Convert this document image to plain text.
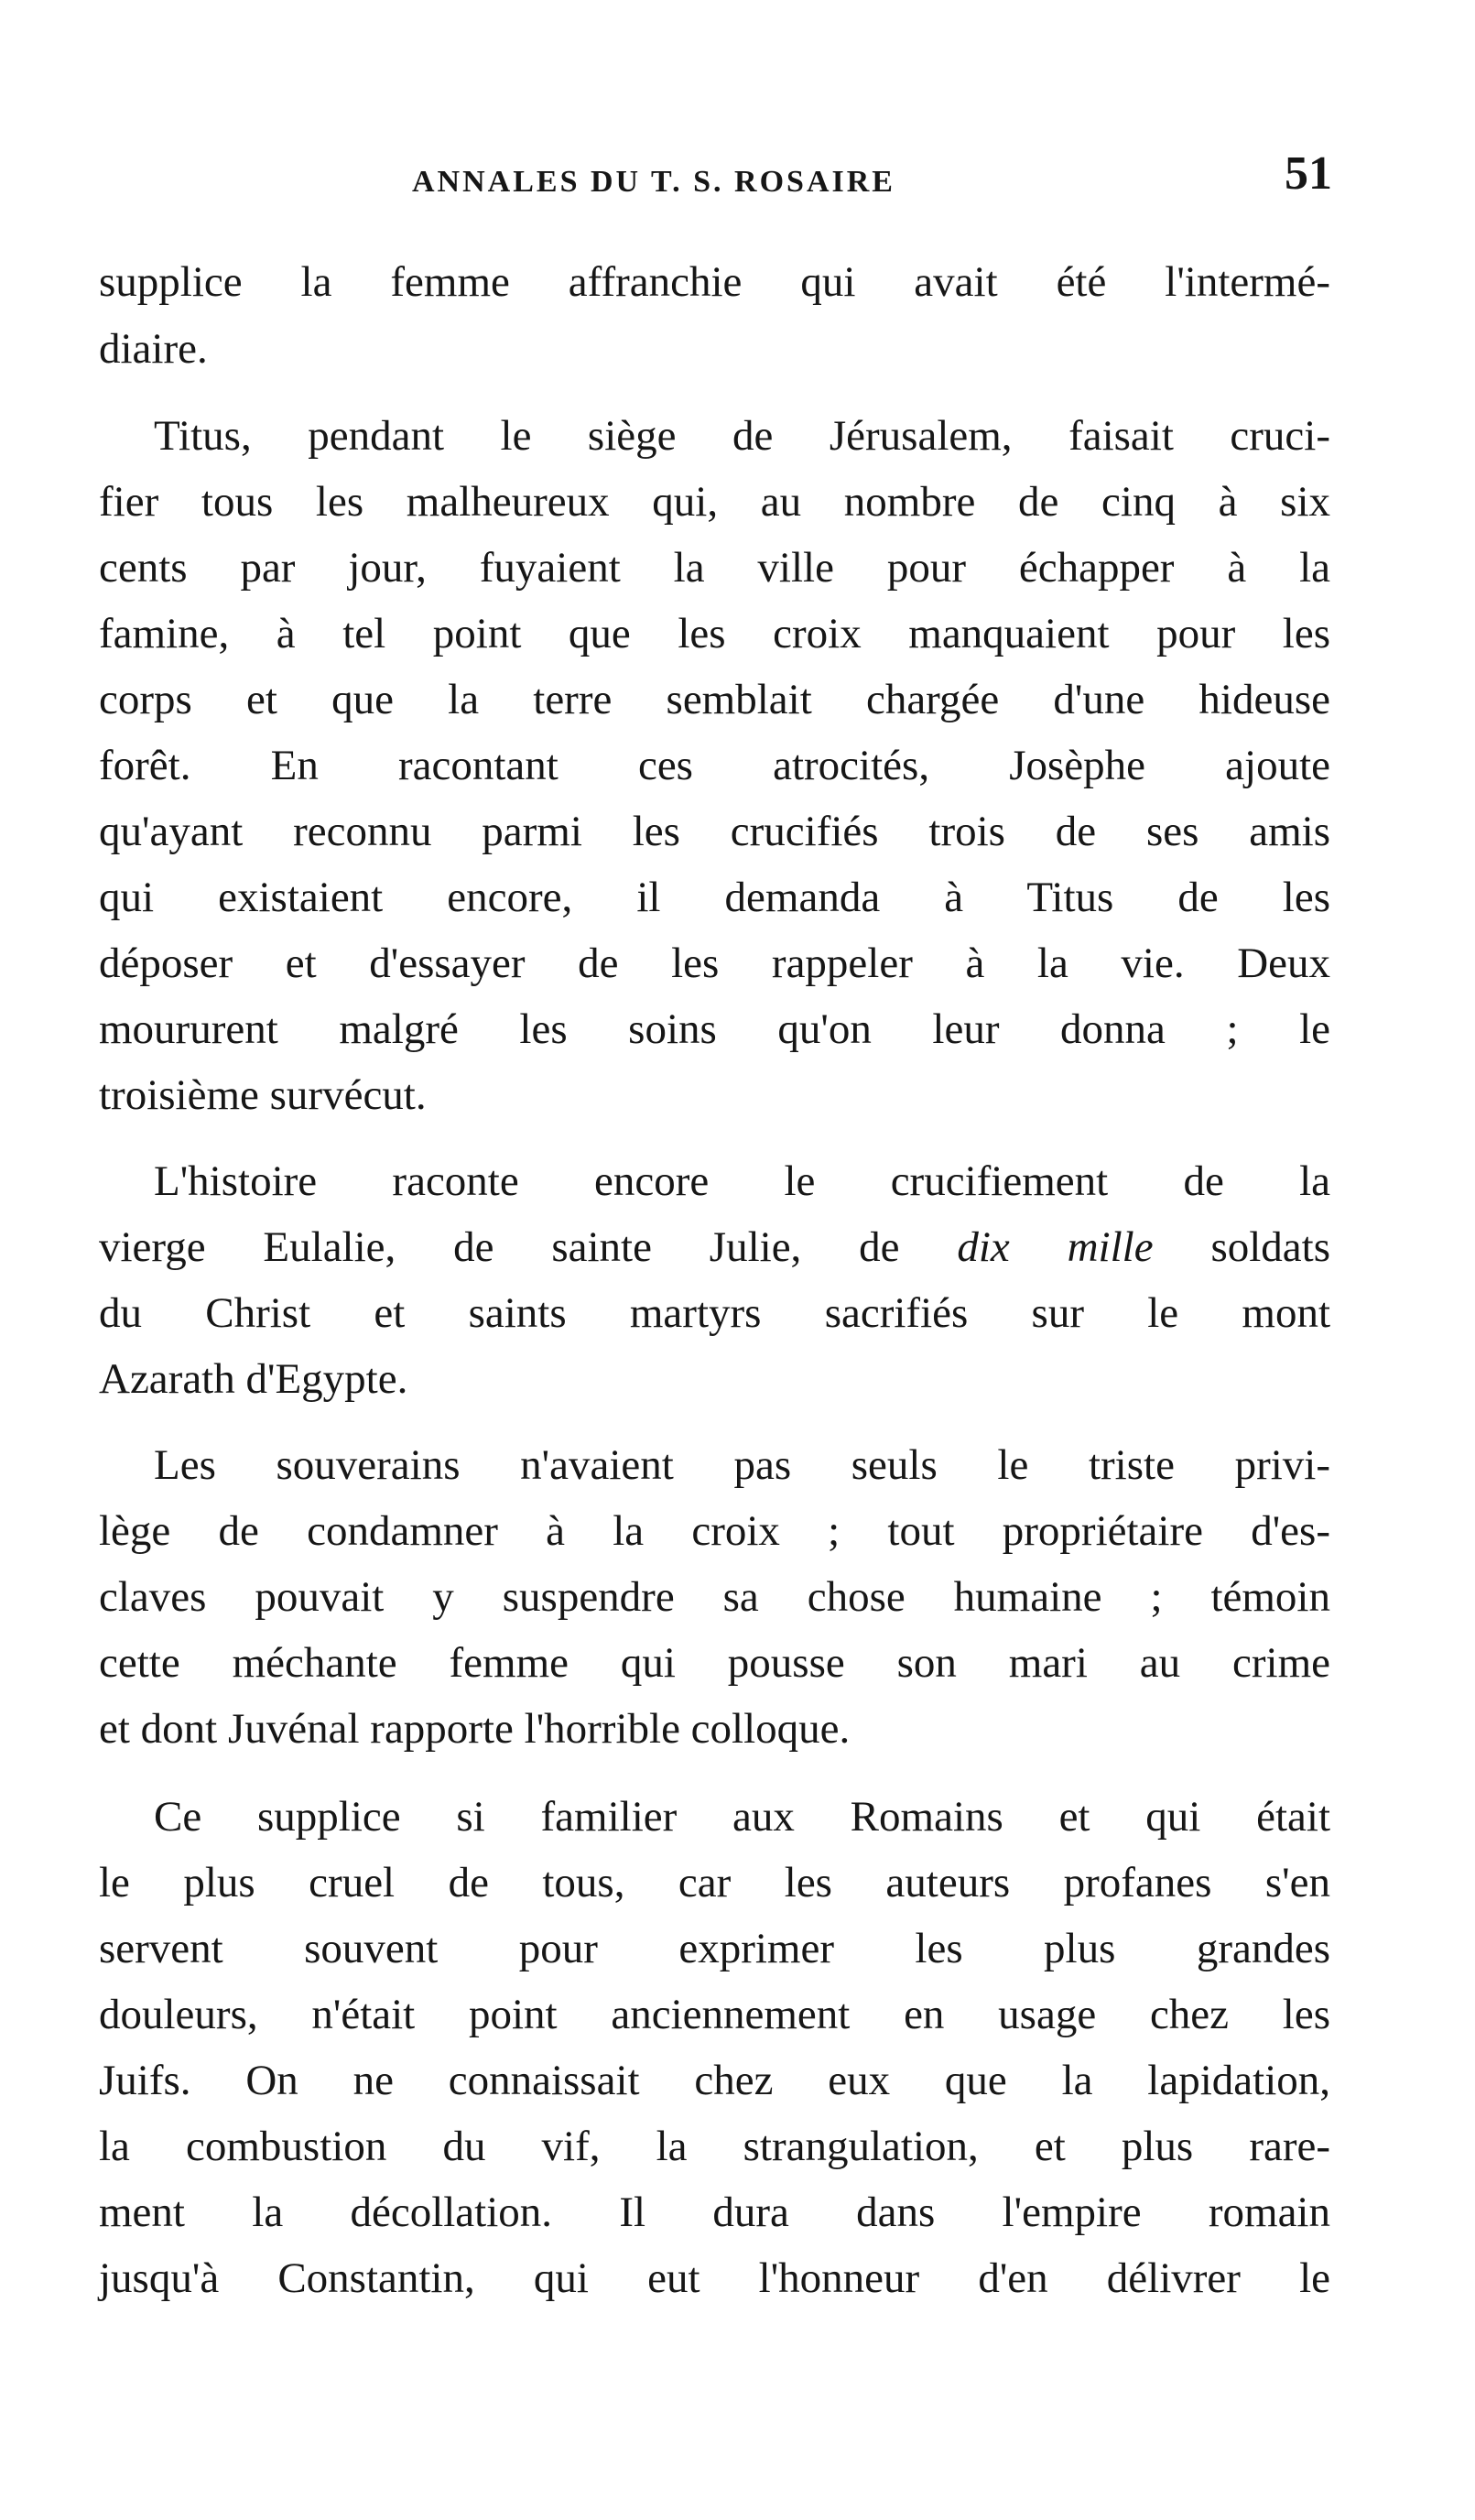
ANNALES DU T. S. ROSAIRE	51
supplice la femme affranchie qui avait été l'intermé-
diaire.
Titus, pendant le siège de Jérusalem, faisait cruci-
fier tous les malheureux qui, au nombre de cinq à six
cents par jour, fuyaient la ville pour échapper à la
famine, à tel point que les croix manquaient pour les
corps et que la terre semblait chargée d'une hideuse
forêt. En racontant ces atrocités, Josèphe ajoute
qu'ayant reconnu parmi les crucifiés trois de ses amis
qui existaient encore, il demanda à Titus de les
déposer et d'essayer de les rappeler à la vie. Deux
moururent malgré les soins qu'on leur donna ; le
troisième survécut.
L'histoire raconte encore le crucifiement de la
vierge Eulalie, de sainte Julie, de dix mille soldats
du Christ et saints martyrs sacrifiés sur le mont
Azarath d'Egypte.
Les souverains n'avaient pas seuls le triste privi-
lège de condamner à la croix ; tout propriétaire d'es-
claves pouvait y suspendre sa chose humaine ; témoin
cette méchante femme qui pousse son mari au crime
et dont Juvénal rapporte l'horrible colloque.
Ce supplice si familier aux Romains et qui était
le plus cruel de tous, car les auteurs profanes s'en
servent souvent pour exprimer les plus grandes
douleurs, n'était point anciennement en usage chez les
Juifs. On ne connaissait chez eux que la lapidation,
la combustion du vif, la strangulation, et plus rare-
ment la décollation. Il dura dans l'empire romain
jusqu'à Constantin, qui eut l'honneur d'en délivrer le
